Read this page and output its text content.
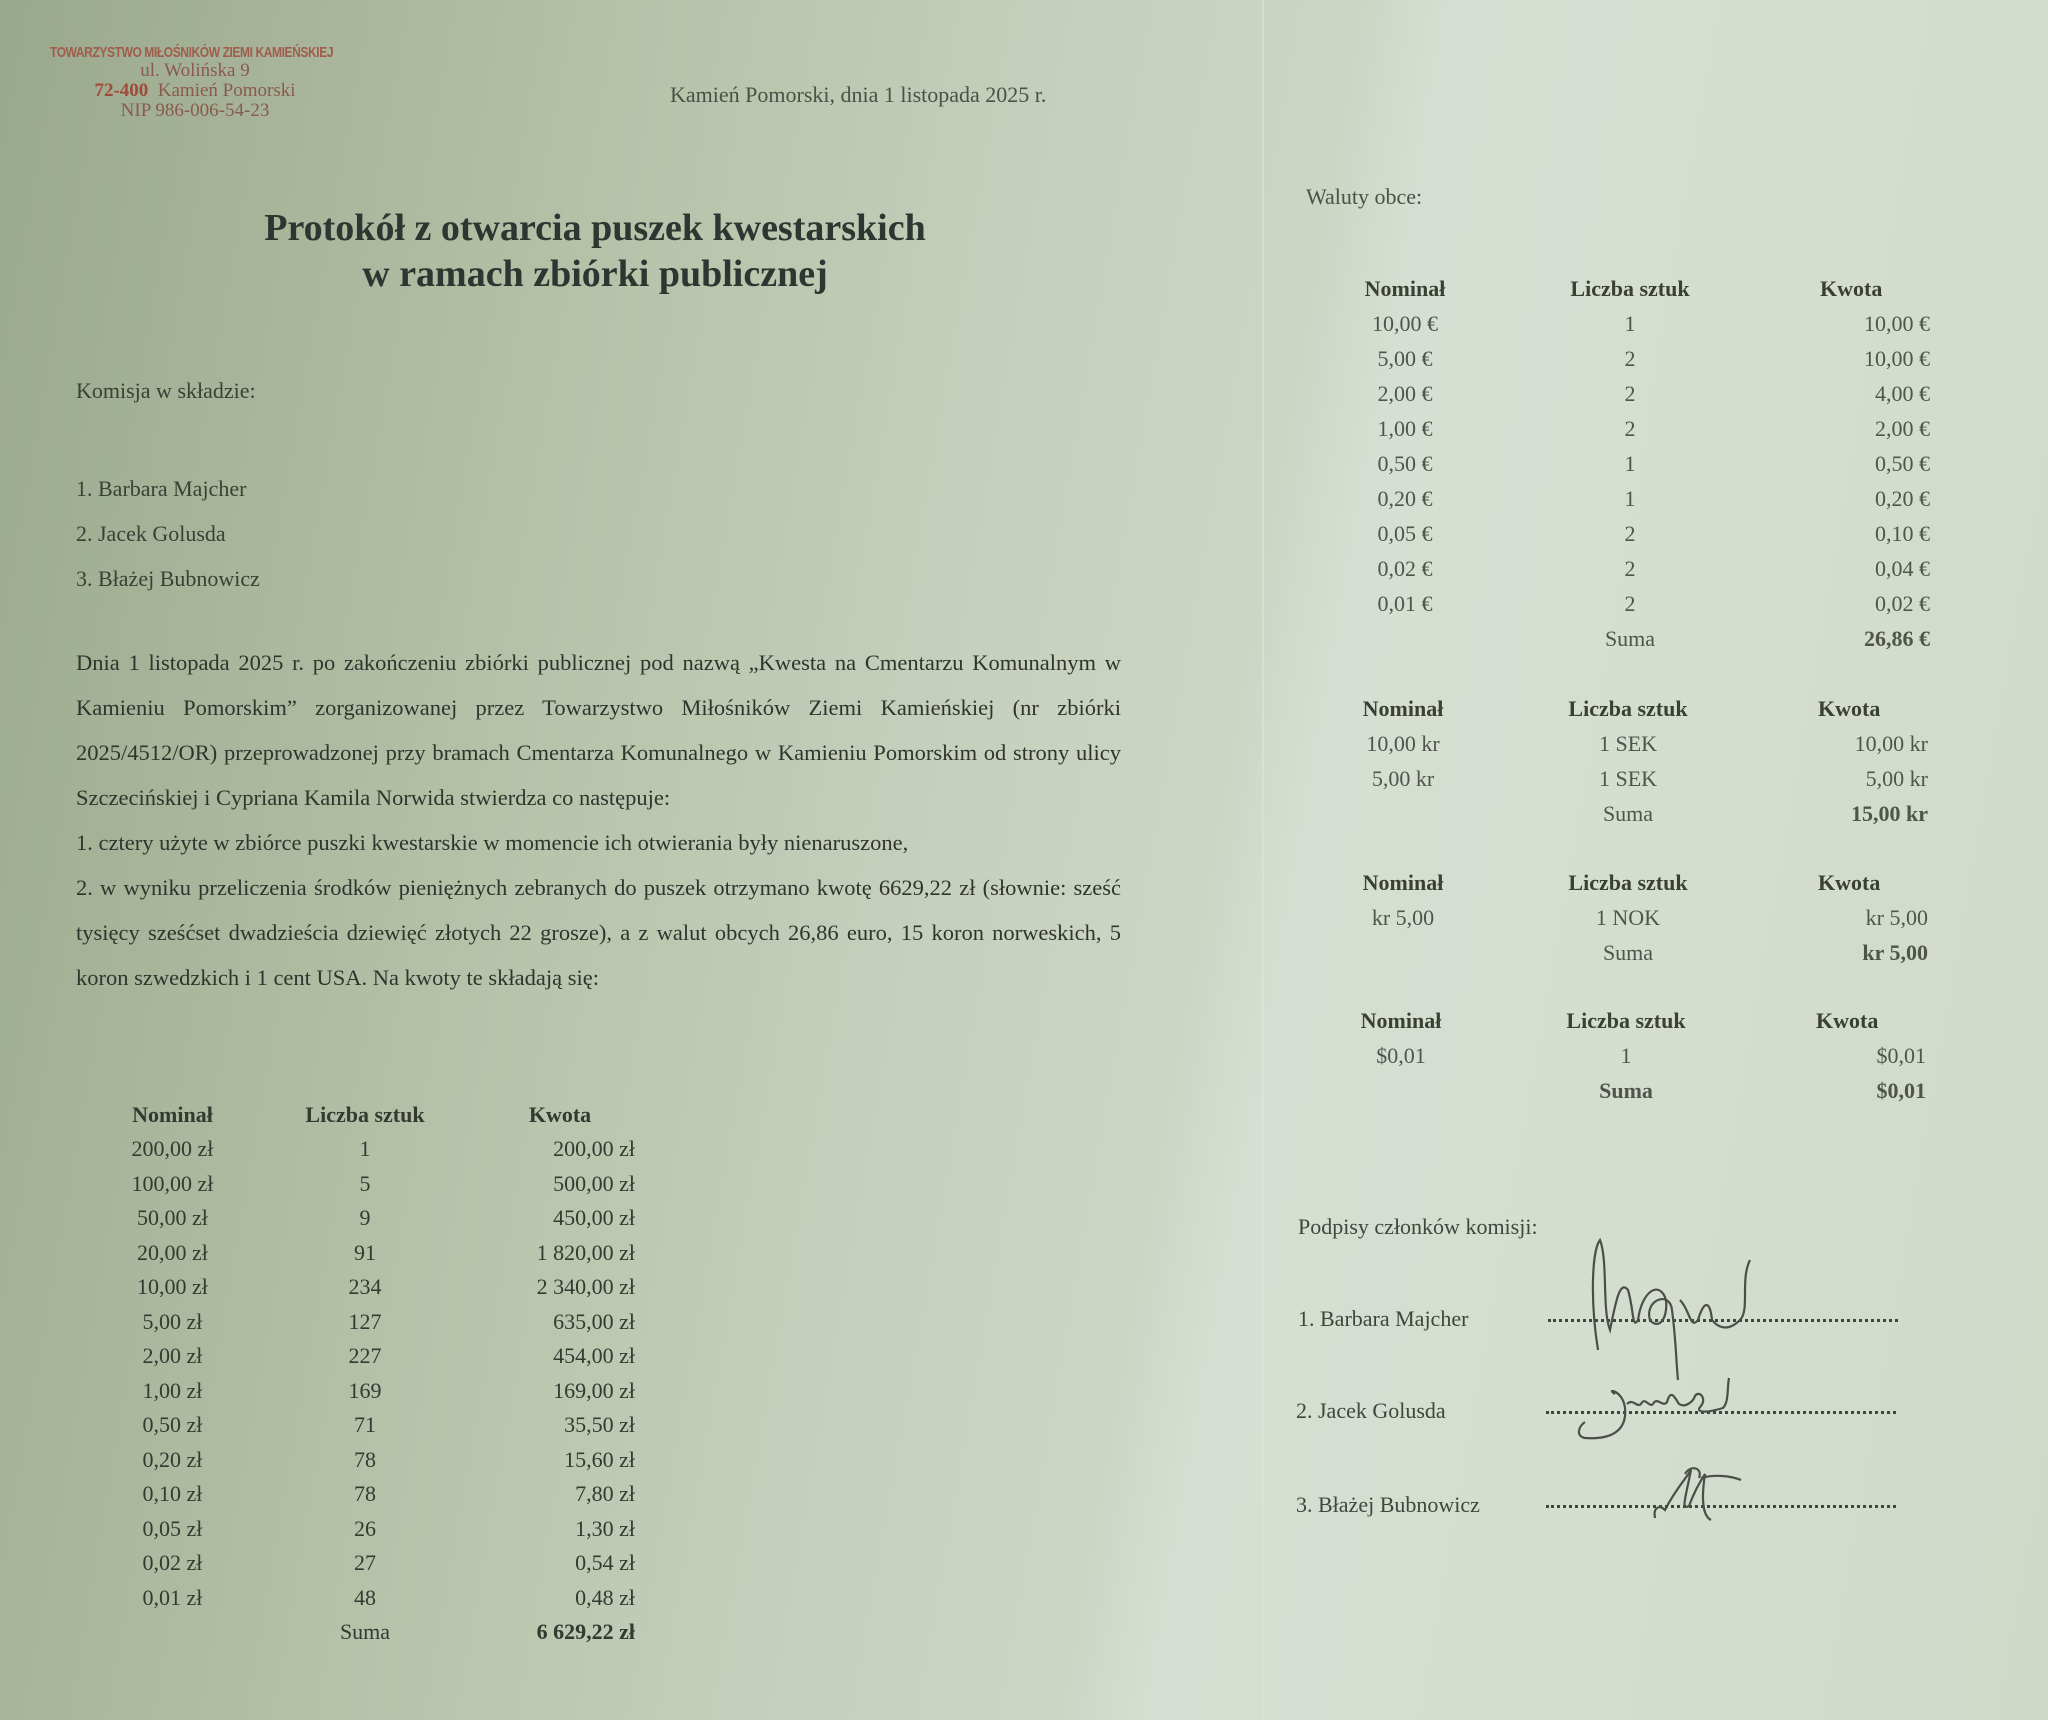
TOWARZYSTWO MIŁOŚNIKÓW ZIEMI KAMIEŃSKIEJ
ul. Wolińska 9
72-400 Kamień Pomorski
NIP 986-006-54-23
Kamień Pomorski, dnia 1 listopada 2025 r.
Protokół z otwarcia puszek kwestarskich
w ramach zbiórki publicznej
Komisja w składzie:
1. Barbara Majcher
2. Jacek Golusda
3. Błażej Bubnowicz

Dnia 1 listopada 2025 r. po zakończeniu zbiórki publicznej pod nazwą „Kwesta na Cmentarzu Komunalnym w Kamieniu Pomorskim” zorganizowanej przez Towarzystwo Miłośników Ziemi Kamieńskiej (nr zbiórki 2025/4512/OR) przeprowadzonej przy bramach Cmentarza Komunalnego w Kamieniu Pomorskim od strony ulicy Szczecińskiej i Cypriana Kamila Norwida stwierdza co następuje:

1. cztery użyte w zbiórce puszki kwestarskie w momencie ich otwierania były nienaruszone,

2. w wyniku przeliczenia środków pieniężnych zebranych do puszek otrzymano kwotę 6629,22 zł (słownie: sześć tysięcy sześćset dwadzieścia dziewięć złotych 22 grosze), a z walut obcych 26,86 euro, 15 koron norweskich, 5 koron szwedzkich i 1 cent USA. Na kwoty te składają się:

Nominał	Liczba sztuk	Kwota
200,00 zł	1	200,00 zł
100,00 zł	5	500,00 zł
50,00 zł	9	450,00 zł
20,00 zł	91	1 820,00 zł
10,00 zł	234	2 340,00 zł
5,00 zł	127	635,00 zł
2,00 zł	227	454,00 zł
1,00 zł	169	169,00 zł
0,50 zł	71	35,50 zł
0,20 zł	78	15,60 zł
0,10 zł	78	7,80 zł
0,05 zł	26	1,30 zł
0,02 zł	27	0,54 zł
0,01 zł	48	0,48 zł
	Suma	6 629,22 zł
Waluty obce:
Nominał	Liczba sztuk	Kwota
10,00 €	1	10,00 €
5,00 €	2	10,00 €
2,00 €	2	4,00 €
1,00 €	2	2,00 €
0,50 €	1	0,50 €
0,20 €	1	0,20 €
0,05 €	2	0,10 €
0,02 €	2	0,04 €
0,01 €	2	0,02 €
	Suma	26,86 €
Nominał	Liczba sztuk	Kwota
10,00 kr	1 SEK	10,00 kr
5,00 kr	1 SEK	5,00 kr
	Suma	15,00 kr
Nominał	Liczba sztuk	Kwota
kr 5,00	1 NOK	kr 5,00
	Suma	kr 5,00
Nominał	Liczba sztuk	Kwota
$0,01	1	$0,01
	Suma	$0,01
Podpisy członków komisji:
1. Barbara Majcher
2. Jacek Golusda
3. Błażej Bubnowicz
